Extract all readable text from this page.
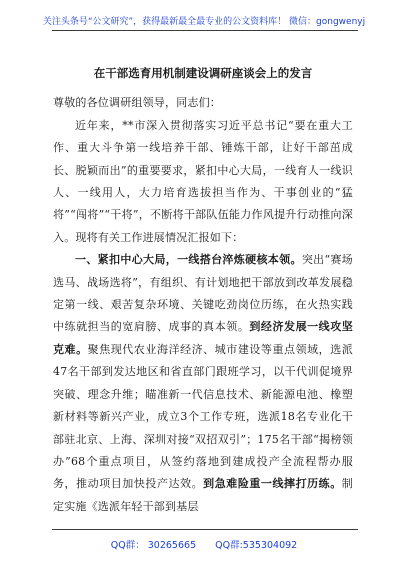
关注头条号“公文研究”，获得最新最全最专业的公文资料库！ 微信：gongwenyj
在干部选育用机制建设调研座谈会上的发言

尊敬的各位调研组领导，同志们：

近年来，**市深入贯彻落实习近平总书记“要在重大工作、重大斗争第一线培养干部、锤炼干部，让好干部茁成长、脱颖而出”的重要要求，紧扣中心大局，一线育人一线识人、一线用人，大力培育选拔担当作为、干事创业的“猛将”“闯将”“干将”，不断将干部队伍能力作风提升行动推向深入。现将有关工作进展情况汇报如下：

一、紧扣中心大局，一线搭台淬炼硬核本领。突出“赛场选马、战场选将”，有组织、有计划地把干部放到改革发展稳定第一线、艰苦复杂环境、关键吃劲岗位历练，在火热实践中练就担当的宽肩膀、成事的真本领。到经济发展一线攻坚克难。聚焦现代农业海洋经济、城市建设等重点领域，选派47名干部到发达地区和省直部门跟班学习，以干代训促境界突破、理念升维；瞄准新一代信息技术、新能源电池、橡塑新材料等新兴产业，成立3个工作专班，选派18名专业化干部驻北京、上海、深圳对接“双招双引”；175名干部“揭榜领办”68个重点项目，从签约落地到建成投产全流程帮办服务，推动项目加快投产达效。到急难险重一线摔打历练。制定实施《选派年轻干部到基层

QQ群： 30265665 QQ群:535304092
